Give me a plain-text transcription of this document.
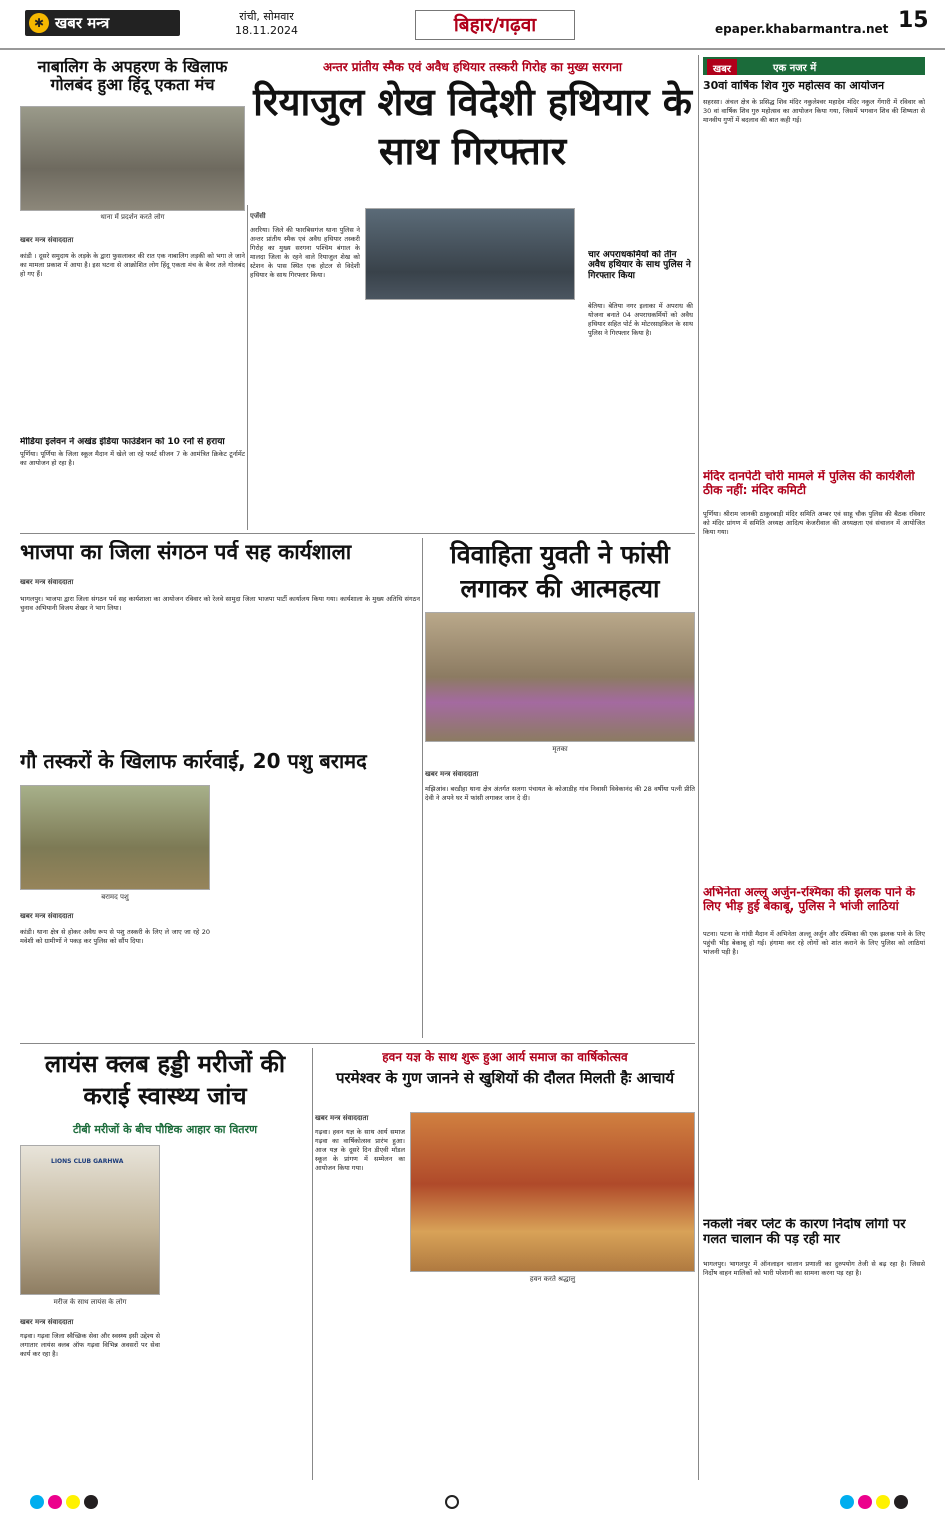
✱ खबर मन्त्र	रांची, सोमवार
18.11.2024	बिहार/गढ़वा	epaper.khabarmantra.net 15
नाबालिग के अपहरण के खिलाफ गोलबंद हुआ हिंदू एकता मंच
थाना में प्रदर्शन करते लोग
खबर मन्त्र संवाददाता

कांडी । दूसरे समुदाय के लड़के के द्वारा फुसलाकर की रात एक नाबालिग लड़की को भगा ले जाने का मामला प्रकाश में आया है। इस घटना से आक्रोशित लोग हिंदू एकता मंच के बैनर तले गोलबंद हो गए हैं।

मीडिया इलेवन ने अखंड इंडिया फाउंडेशन को 10 रनों से हराया

पूर्णिया। पूर्णिया के जिला स्कूल मैदान में खेले जा रहे फर्स्ट सीजन 7 के आमंत्रित क्रिकेट टूर्नामेंट का आयोजन हो रहा है।

अन्तर प्रांतीय स्मैक एवं अवैध हथियार तस्करी गिरोह का मुख्य सरगना
रियाजुल शेख विदेशी हथियार के साथ गिरफ्तार
एजेंसी
अररिया। जिले की फारबिसगंज थाना पुलिस ने अन्तर प्रांतीय स्मैक एवं अवैध हथियार तस्करी गिरोह का मुख्य सरगना पश्चिम बंगाल के मालदा जिला के रहने वाले रियाजुल शेख को स्टेशन के पास स्थित एक होटल से विदेशी हथियार के साथ गिरफ्तार किया।
चार अपराधकर्मियों को तीन अवैध हथियार के साथ पुलिस ने गिरफ्तार किया
बेतिया। बेतिया नगर इलाका में अपराध की योजना बनाते 04 अपराधकर्मियों को अवैध हथियार सहित पोर्ट के मोटरसाइकिल के साथ पुलिस ने गिरफ्तार किया है।
खबर	एक नजर में
30वां वार्षिक शिव गुरु महोत्सव का आयोजन
सहरसा। अंचल क्षेत्र के प्रसिद्ध शिव मंदिर नकुलेश्वर महादेव मंदिर नकुल गेंगारी में रविवार को 30 वां वार्षिक शिव गुरु महोत्सव का आयोजन किया गया, जिसमें भगवान शिव की शिष्यता से मानवीय गुणों में बदलाव की बात कही गई।
मंदिर दानपेटी चोरी मामले में पुलिस की कार्यशैली ठीक नहीं: मंदिर कमिटी
पूर्णिया। श्रीराम जानकी ठाकुरबाड़ी मंदिर समिति अम्बर एवं साहू चौक पुलिस की बैठक रविवार को मंदिर प्रांगण में समिति अध्यक्ष आदित्य केजरीवाल की अध्यक्षता एवं संचालन में आयोजित किया गया।
अभिनेता अल्लू अर्जुन-रश्मिका की झलक पाने के लिए भीड़ हुई बेकाबू, पुलिस ने भांजी लाठियां
पटना। पटना के गांधी मैदान में अभिनेता अल्लू अर्जुन और रश्मिका की एक झलक पाने के लिए पहुंची भीड़ बेकाबू हो गई। हंगामा कर रहे लोगों को शांत कराने के लिए पुलिस को लाठियां भांजनी पड़ी है।
नकली नंबर प्लेट के कारण निर्दोष लोगों पर गलत चालान की पड़ रही मार
भागलपुर। भागलपुर में ऑनलाइन चालान प्रणाली का दुरुपयोग तेजी से बढ़ रहा है। जिससे निर्दोष वाहन मालिकों को भारी परेशानी का सामना करना पड़ रहा है।
भाजपा का जिला संगठन पर्व सह कार्यशाला
खबर मन्त्र संवाददाता
भागलपुर। भाजपा द्वारा जिला संगठन पर्व सह कार्यशाला का आयोजन रविवार को रेलवे सामुदा जिला भाजपा पार्टी कार्यालय किया गया। कार्यशाला के मुख्य अतिथि संगठन चुनाव अभियानी विजय शेखर ने भाग लिया।
विवाहिता युवती ने फांसी लगाकर की आत्महत्या
मृतका
खबर मन्त्र संवाददाता
मझिआंव। बरडीहा थाना क्षेत्र अंतर्गत सलगा पंचायत के कोआडीह गांव निवासी विवेकानंद की 28 वर्षीया पत्नी प्रीति देवी ने अपने घर में फांसी लगाकर जान दे दी।
गौ तस्करों के खिलाफ कार्रवाई, 20 पशु बरामद
बरामद पशु
खबर मन्त्र संवाददाता
कांडी। थाना क्षेत्र से होकर अवैध रूप से पशु तस्करी के लिए ले जाए जा रहे 20 मवेशी को ग्रामीणों ने पकड़ कर पुलिस को सौंप दिया।
लायंस क्लब हड्डी मरीजों की कराई स्वास्थ्य जांच
टीबी मरीजों के बीच पौष्टिक आहार का वितरण
LIONS CLUB GARHWA
मरीज के साथ लायंस के लोग
खबर मन्त्र संवाददाता
गढ़वा। गढ़वा जिला स्वैच्छिक सेवा और स्वस्थ्य इसी उद्देश्य से लगातार लायंस क्लब ऑफ गढ़वा विभिन्न अवसरों पर सेवा कार्य कर रहा है।
हवन यज्ञ के साथ शुरू हुआ आर्य समाज का वार्षिकोत्सव
परमेश्वर के गुण जानने से खुशियों की दौलत मिलती हैः आचार्य
खबर मन्त्र संवाददाता
गढ़वा। हवन यज्ञ के साथ आर्य समाज गढ़वा का वार्षिकोत्सव प्रारंभ हुआ। आज यज्ञ के दूसरे दिन डीएवी मॉडल स्कूल के प्रांगण में सम्मेलन का आयोजन किया गया।
हवन करते श्रद्धालु
